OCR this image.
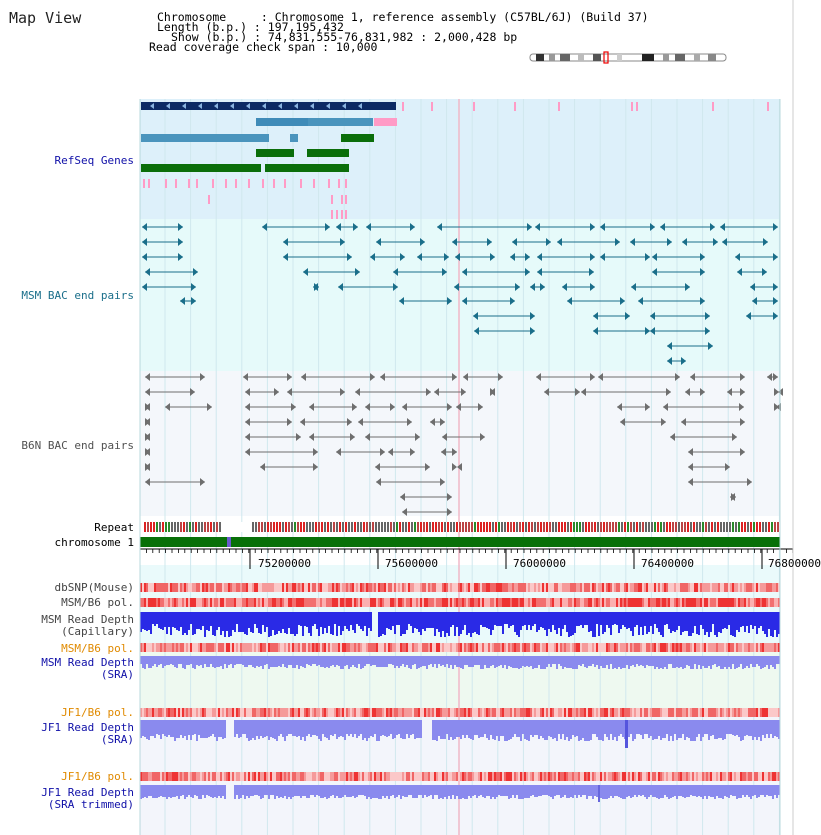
Map View	Chromosome     : Chromosome 1, reference assembly (C57BL/6J) (Build 37)
Length (b.p.) : 197,195,432
Show (b.p.) : 74,831,555-76,831,982 : 2,000,428 bp
Read coverage check span : 10,000
RefSeq Genes
MSM BAC end pairs
B6N BAC end pairs
Repeat
chromosome 1
dbSNP(Mouse)
MSM/B6 pol.
MSM Read Depth
(Capillary)
MSM/B6 pol.
MSM Read Depth
(SRA)
JF1/B6 pol.
JF1 Read Depth
(SRA)
JF1/B6 pol.
JF1 Read Depth
(SRA trimmed)
75200000	75600000	76000000	76400000	76800000
